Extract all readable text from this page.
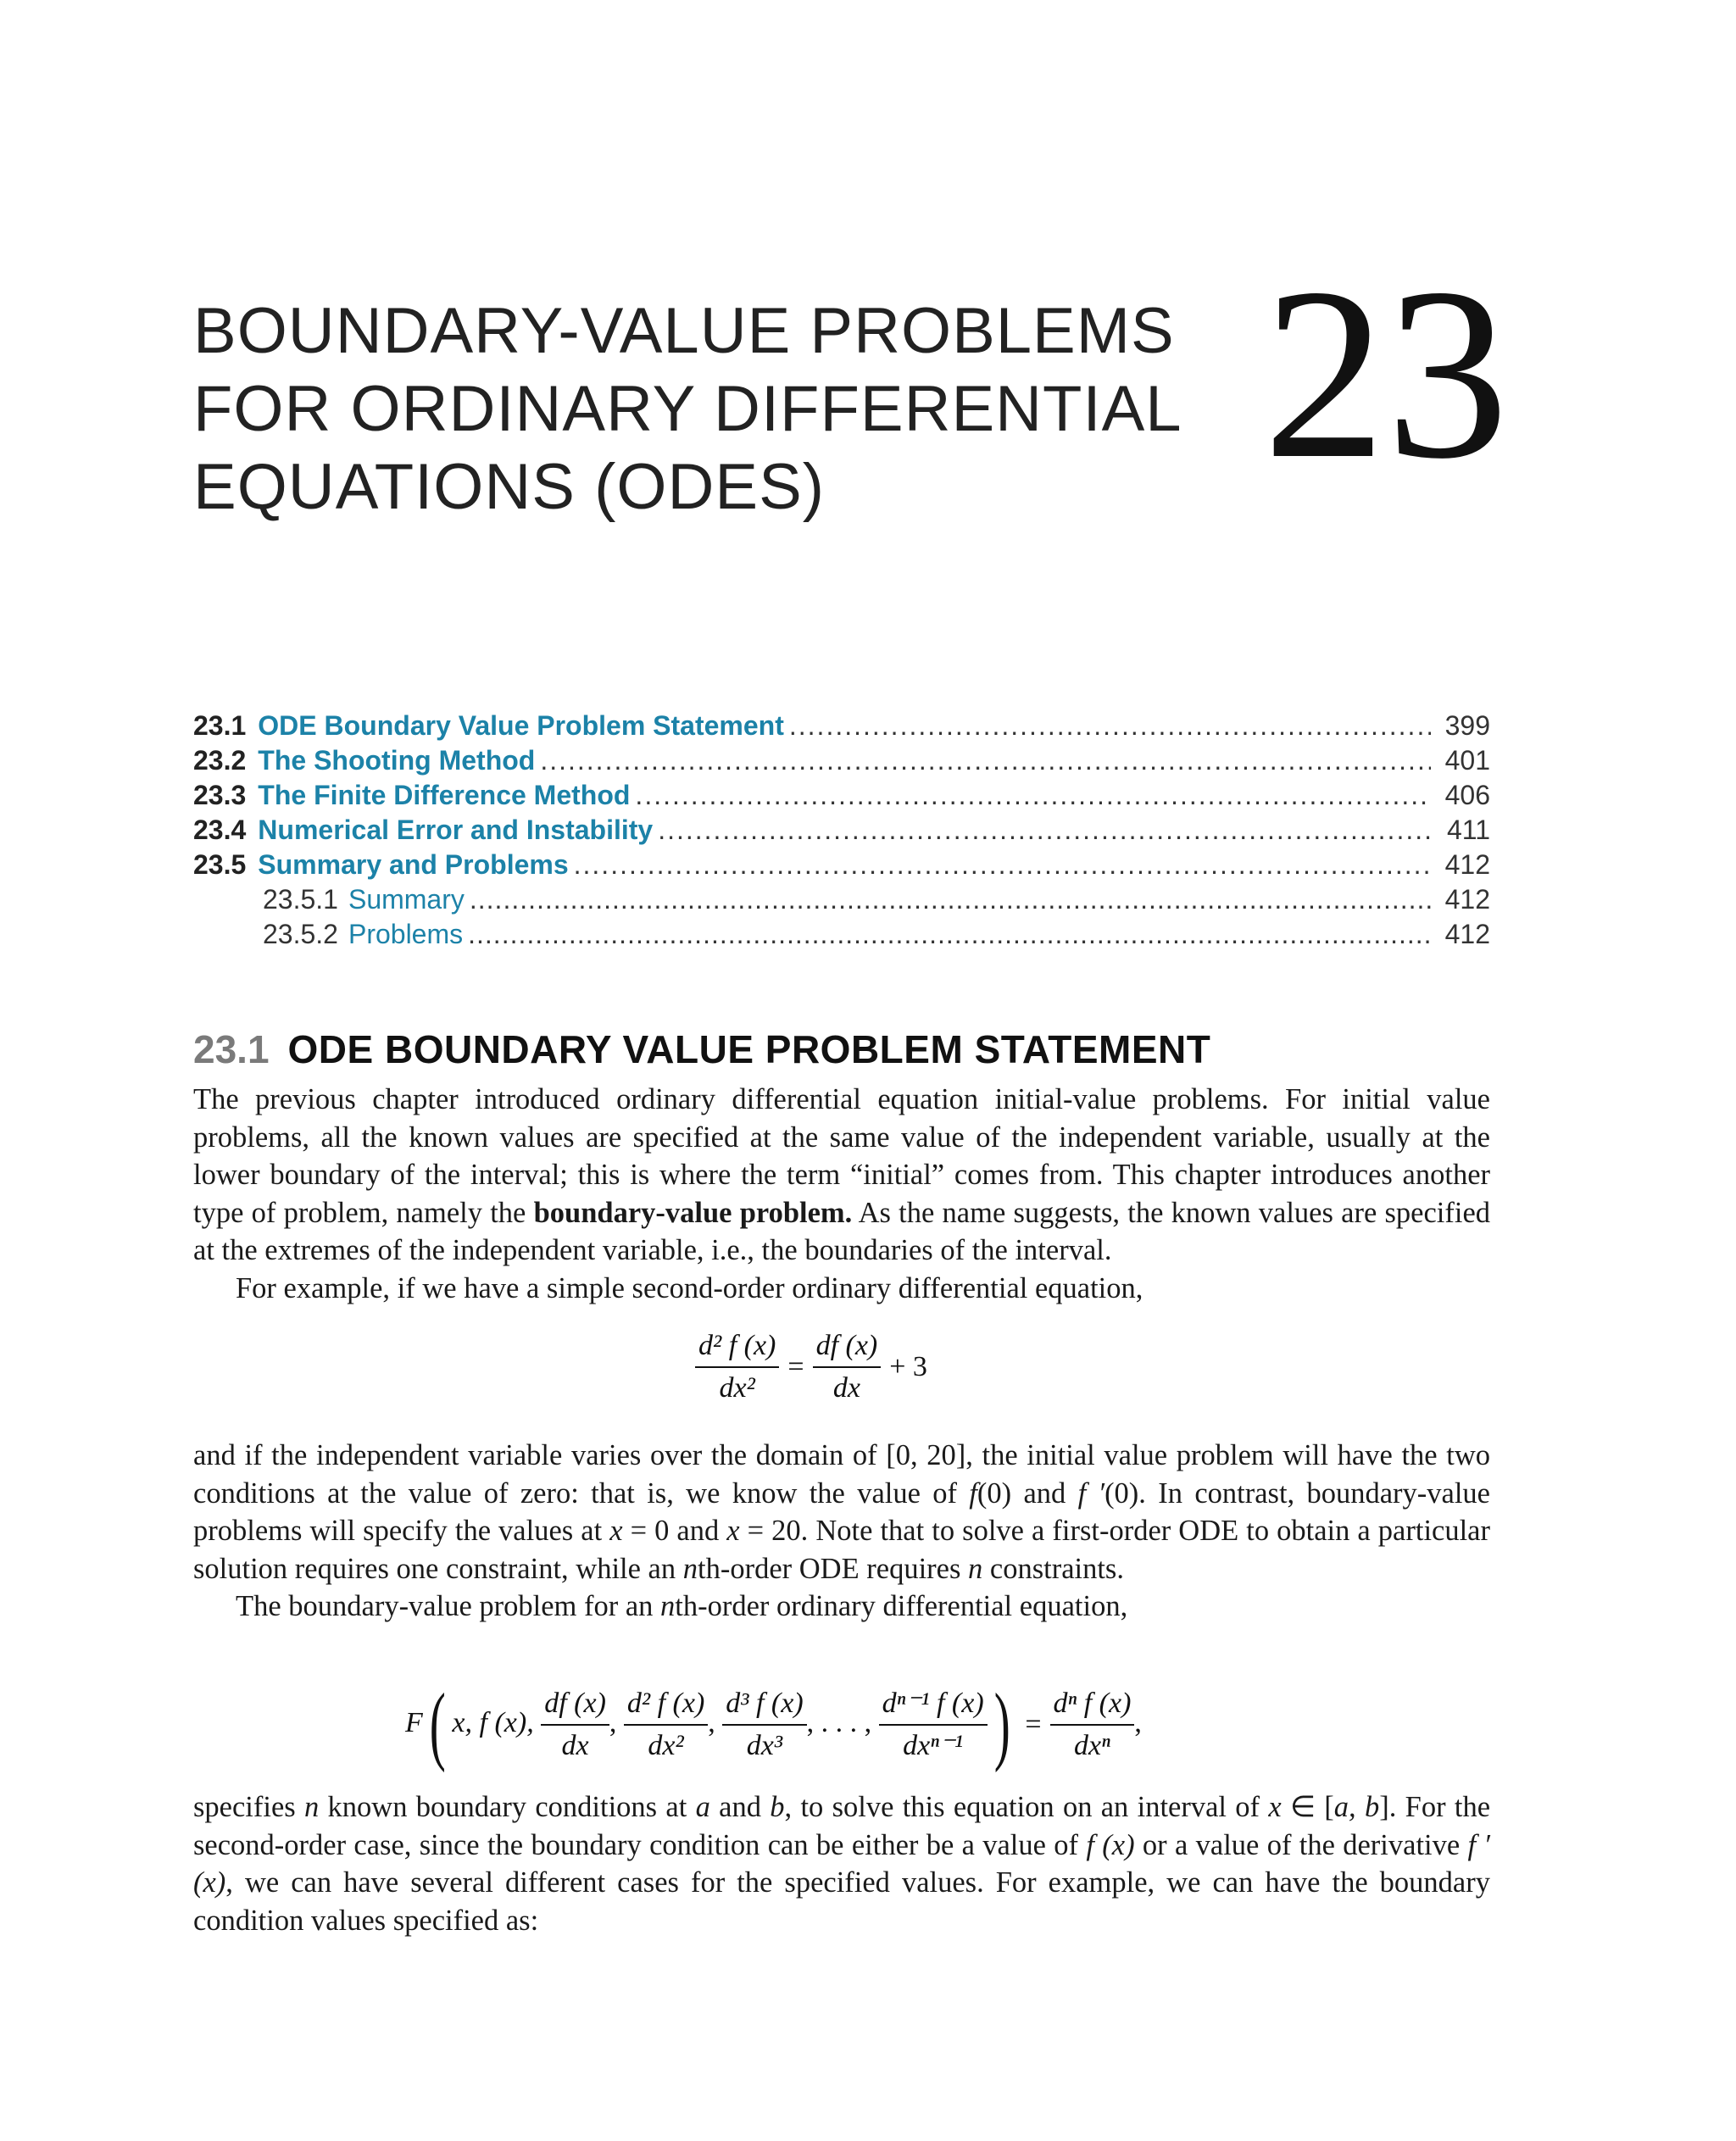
BOUNDARY-VALUE PROBLEMS
FOR ORDINARY DIFFERENTIAL
EQUATIONS (ODES)	23
23.1 ODE Boundary Value Problem Statement .....	399
23.2 The Shooting Method .....	401
23.3 The Finite Difference Method .....	406
23.4 Numerical Error and Instability .....	411
23.5 Summary and Problems .....	412
23.5.1 Summary .....	412
23.5.2 Problems .....	412
23.1 ODE BOUNDARY VALUE PROBLEM STATEMENT

The previous chapter introduced ordinary differential equation initial-value problems. For initial value problems, all the known values are specified at the same value of the independent variable, usually at the lower boundary of the interval; this is where the term “initial” comes from. This chapter introduces another type of problem, namely the boundary-value problem. As the name suggests, the known values are specified at the extremes of the independent variable, i.e., the boundaries of the interval.

For example, if we have a simple second-order ordinary differential equation,

$\frac{\text{d² f (x)}}{\text{dx²}} = \frac{df (x)}{dx} + 3$

and if the independent variable varies over the domain of [0, 20], the initial value problem will have the two conditions at the value of zero: that is, we know the value of f(0) and f ′(0). In contrast, boundary-value problems will specify the values at x = 0 and x = 20. Note that to solve a first-order ODE to obtain a particular solution requires one constraint, while an nth-order ODE requires n constraints.

The boundary-value problem for an nth-order ordinary differential equation,

F( x, f (x), $\frac{df (x)}{dx}$ , $\frac{\text{d² f (x)}}{\text{dx²}}$ , $\frac{\text{d³ f (x)}}{\text{dx³}}$ , . . . , $\frac{\text{dⁿ⁻¹ f (x)}}{\text{dxⁿ⁻¹}}$ ) = $\frac{\text{dⁿ f (x)}}{\text{dxⁿ}}$ ,

specifies n known boundary conditions at a and b, to solve this equation on an interval of x ∈ [a, b]. For the second-order case, since the boundary condition can be either be a value of f (x) or a value of the derivative f ′(x), we can have several different cases for the specified values. For example, we can have the boundary condition values specified as:
